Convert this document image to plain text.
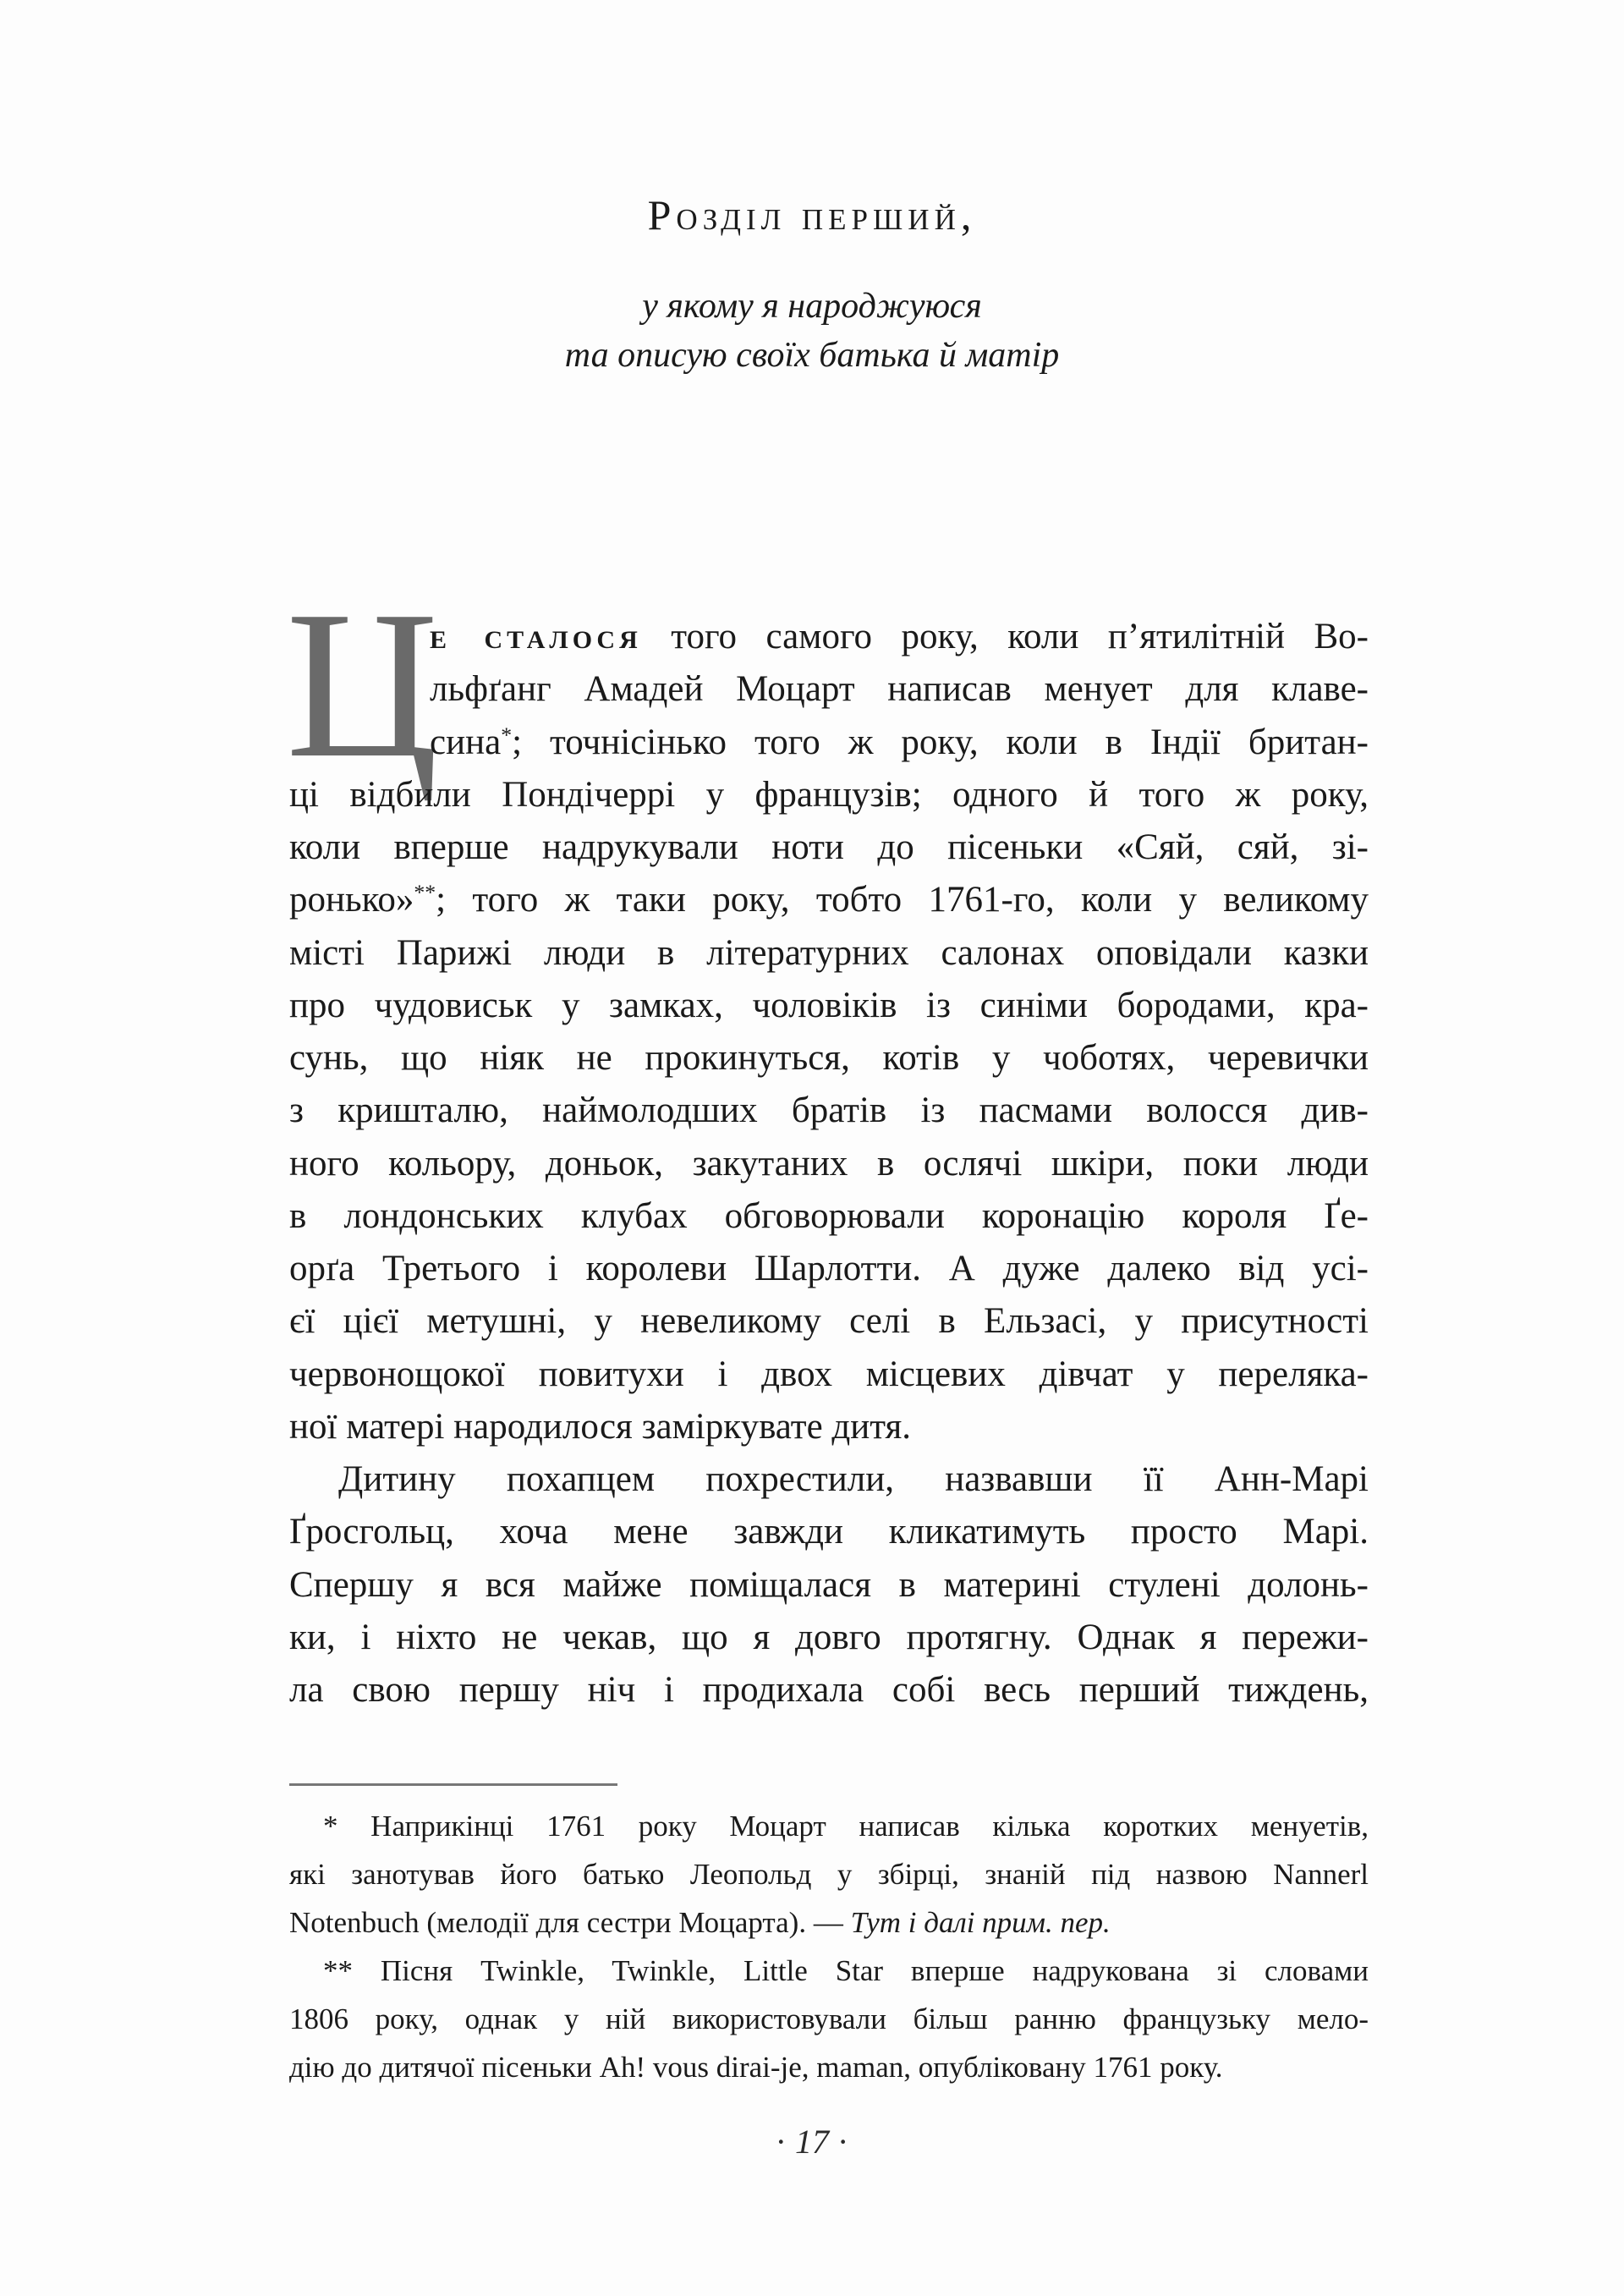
Розділ перший,
у якому я народжуюся
та описую своїх батька й матір
Ц
е сталося того самого року, коли п’ятилітній Во-
льфґанг Амадей Моцарт написав менует для клаве-
сина*; точнісінько того ж року, коли в Індії британ-
ці відбили Пондічеррі у французів; одного й того ж року,
коли вперше надрукували ноти до пісеньки «Сяй, сяй, зі-
ронько»**; того ж таки року, тобто 1761-го, коли у великому
місті Парижі люди в літературних салонах оповідали казки
про чудовиськ у замках, чоловіків із синіми бородами, кра-
сунь, що ніяк не прокинуться, котів у чоботях, черевички
з кришталю, наймолодших братів із пасмами волосся див-
ного кольору, доньок, закутаних в ослячі шкіри, поки люди
в лондонських клубах обговорювали коронацію короля Ґе-
орґа Третього і королеви Шарлотти. А дуже далеко від усі-
єї цієї метушні, у невеликому селі в Ельзасі, у присутності
червонощокої повитухи і двох місцевих дівчат у переляка-
ної матері народилося заміркувате дитя.
Дитину похапцем похрестили, назвавши її Анн-Марі
Ґросгольц, хоча мене завжди кликатимуть просто Марі.
Спершу я вся майже поміщалася в материні стулені долонь-
ки, і ніхто не чекав, що я довго протягну. Однак я пережи-
ла свою першу ніч і продихала собі весь перший тиждень,
* Наприкінці 1761 року Моцарт написав кілька коротких менуетів,
які занотував його батько Леопольд у збірці, знаній під назвою Nannerl
Notenbuch (мелодії для сестри Моцарта). — Тут і далі прим. пер.
** Пісня Twinkle, Twinkle, Little Star вперше надрукована зі словами
1806 року, однак у ній використовували більш ранню французьку мело-
дію до дитячої пісеньки Ah! vous dirai-je, maman, опубліковану 1761 року.
· 17 ·
